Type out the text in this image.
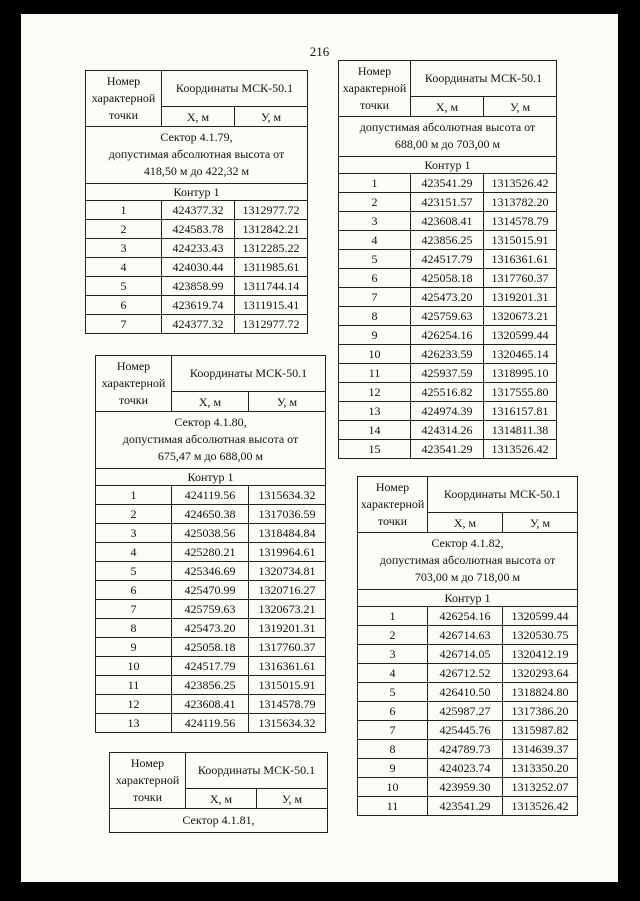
216
Номер характерной точки	Координаты МСК-50.1	
	Х, м	У, м
Сектор 4.1.79,
допустимая абсолютная высота от
418,50 м до 422,32 м		
Контур 1		
1	424377.32	1312977.72
2	424583.78	1312842.21
3	424233.43	1312285.22
4	424030.44	1311985.61
5	423858.99	1311744.14
6	423619.74	1311915.41
7	424377.32	1312977.72
Номер характерной точки	Координаты МСК-50.1	
	Х, м	У, м
Сектор 4.1.80,
допустимая абсолютная высота от
675,47 м до 688,00 м		
Контур 1		
1	424119.56	1315634.32
2	424650.38	1317036.59
3	425038.56	1318484.84
4	425280.21	1319964.61
5	425346.69	1320734.81
6	425470.99	1320716.27
7	425759.63	1320673.21
8	425473.20	1319201.31
9	425058.18	1317760.37
10	424517.79	1316361.61
11	423856.25	1315015.91
12	423608.41	1314578.79
13	424119.56	1315634.32
Номер характерной точки	Координаты МСК-50.1	
	Х, м	У, м
Сектор 4.1.81,		
Номер характерной точки	Координаты МСК-50.1	
	Х, м	У, м
допустимая абсолютная высота от
688,00 м до 703,00 м		
Контур 1		
1	423541.29	1313526.42
2	423151.57	1313782.20
3	423608.41	1314578.79
4	423856.25	1315015.91
5	424517.79	1316361.61
6	425058.18	1317760.37
7	425473.20	1319201.31
8	425759.63	1320673.21
9	426254.16	1320599.44
10	426233.59	1320465.14
11	425937.59	1318995.10
12	425516.82	1317555.80
13	424974.39	1316157.81
14	424314.26	1314811.38
15	423541.29	1313526.42
Номер характерной точки	Координаты МСК-50.1	
	Х, м	У, м
Сектор 4.1.82,
допустимая абсолютная высота от
703,00 м до 718,00 м		
Контур 1		
1	426254.16	1320599.44
2	426714.63	1320530.75
3	426714.05	1320412.19
4	426712.52	1320293.64
5	426410.50	1318824.80
6	425987.27	1317386.20
7	425445.76	1315987.82
8	424789.73	1314639.37
9	424023.74	1313350.20
10	423959.30	1313252.07
11	423541.29	1313526.42
